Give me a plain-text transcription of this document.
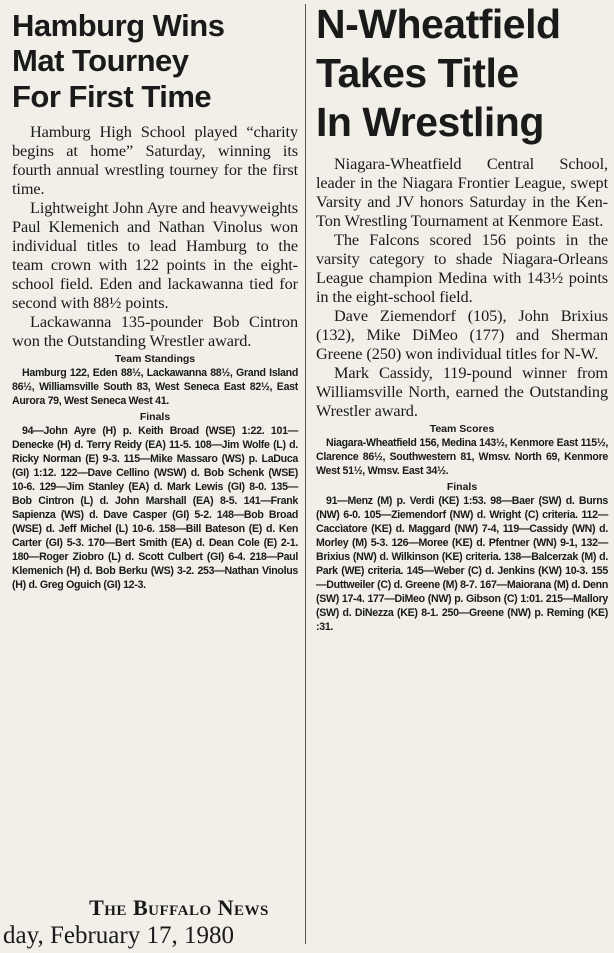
Hamburg Wins
Mat Tourney
For First Time

Hamburg High School played “charity begins at home” Saturday, winning its fourth annual wrestling tourney for the first time.

Lightweight John Ayre and heavyweights Paul Klemenich and Nathan Vinolus won individual titles to lead Hamburg to the team crown with 122 points in the eight-school field. Eden and lackawanna tied for second with 88½ points.

Lackawanna 135-pounder Bob Cintron won the Outstanding Wrestler award.

Team Standings

Hamburg 122, Eden 88½, Lackawanna 88½, Grand Island 86½, Williamsville South 83, West Seneca East 82½, East Aurora 79, West Seneca West 41.

Finals

94—John Ayre (H) p. Keith Broad (WSE) 1:22. 101—Denecke (H) d. Terry Reidy (EA) 11-5. 108—Jim Wolfe (L) d. Ricky Norman (E) 9-3. 115—Mike Massaro (WS) p. LaDuca (GI) 1:12. 122—Dave Cellino (WSW) d. Bob Schenk (WSE) 10-6. 129—Jim Stanley (EA) d. Mark Lewis (GI) 8-0. 135—Bob Cintron (L) d. John Marshall (EA) 8-5. 141—Frank Sapienza (WS) d. Dave Casper (GI) 5-2. 148—Bob Broad (WSE) d. Jeff Michel (L) 10-6. 158—Bill Bateson (E) d. Ken Carter (GI) 5-3. 170—Bert Smith (EA) d. Dean Cole (E) 2-1. 180—Roger Ziobro (L) d. Scott Culbert (GI) 6-4. 218—Paul Klemenich (H) d. Bob Berku (WS) 3-2. 253—Nathan Vinolus (H) d. Greg Oguich (GI) 12-3.

N-Wheatfield
Takes Title
In Wrestling

Niagara-Wheatfield Central School, leader in the Niagara Frontier League, swept Varsity and JV honors Saturday in the Ken-Ton Wrestling Tournament at Kenmore East.

The Falcons scored 156 points in the varsity category to shade Niagara-Orleans League champion Medina with 143½ points in the eight-school field.

Dave Ziemendorf (105), John Brixius (132), Mike DiMeo (177) and Sherman Greene (250) won individual titles for N-W.

Mark Cassidy, 119-pound winner from Williamsville North, earned the Outstanding Wrestler award.

Team Scores

Niagara-Wheatfield 156, Medina 143½, Kenmore East 115½, Clarence 86½, Southwestern 81, Wmsv. North 69, Kenmore West 51½, Wmsv. East 34½.

Finals

91—Menz (M) p. Verdi (KE) 1:53. 98—Baer (SW) d. Burns (NW) 6-0. 105—Ziemendorf (NW) d. Wright (C) criteria. 112—Caccìatore (KE) d. Maggard (NW) 7-4, 119—Cassidy (WN) d. Morley (M) 5-3. 126—Moree (KE) d. Pfentner (WN) 9-1, 132—Brixius (NW) d. Wilkinson (KE) criteria. 138—Balcerzak (M) d. Park (WE) criteria. 145—Weber (C) d. Jenkins (KW) 10-3. 155—Duttweiler (C) d. Greene (M) 8-7. 167—Maiorana (M) d. Denn (SW) 17-4. 177—DiMeo (NW) p. Gibson (C) 1:01. 215—Mallory (SW) d. DiNezza (KE) 8-1. 250—Greene (NW) p. Reming (KE) :31.

The Buffalo News
day, February 17, 1980
